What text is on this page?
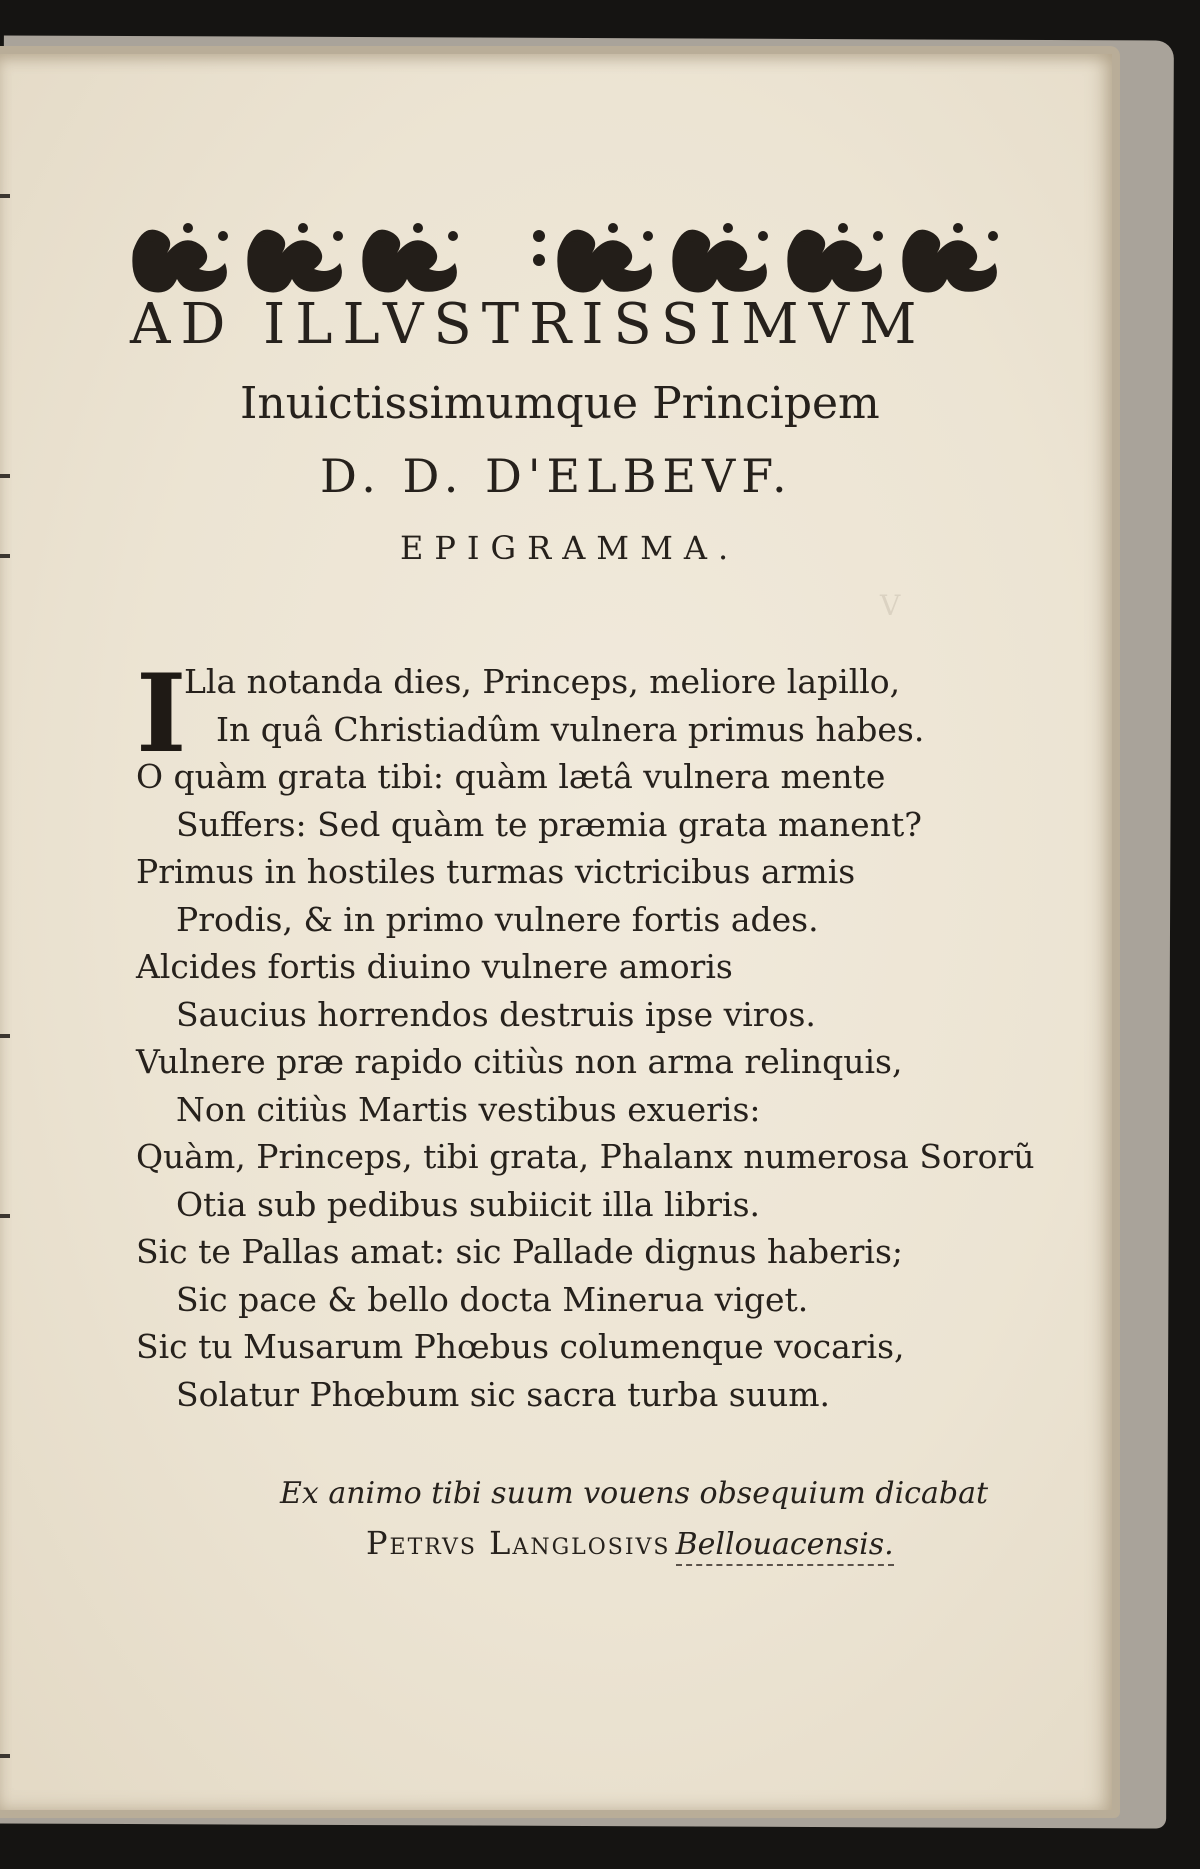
V

AD ILLVSTRISSIMVM
Inuictissimumque Principem
D. D. D'ELBEVF.
EPIGRAMMA.
I
Lla notanda dies, Princeps, meliore lapillo,
In quâ Christiadûm vulnera primus habes.
O quàm grata tibi: quàm lætâ vulnera mente
Suffers: Sed quàm te præmia grata manent?
Primus in hostiles turmas victricibus armis
Prodis, & in primo vulnere fortis ades.
Alcides fortis diuino vulnere amoris
Saucius horrendos destruis ipse viros.
Vulnere præ rapido citiùs non arma relinquis,
Non citiùs Martis vestibus exueris:
Quàm, Princeps, tibi grata, Phalanx numerosa Sororũ
Otia sub pedibus subiicit illa libris.
Sic te Pallas amat: sic Pallade dignus haberis;
Sic pace & bello docta Minerua viget.
Sic tu Musarum Phœbus columenque vocaris,
Solatur Phœbum sic sacra turba suum.
Ex animo tibi suum vouens obsequium dicabat
Petrvs Langlosivs Bellouacensis.
